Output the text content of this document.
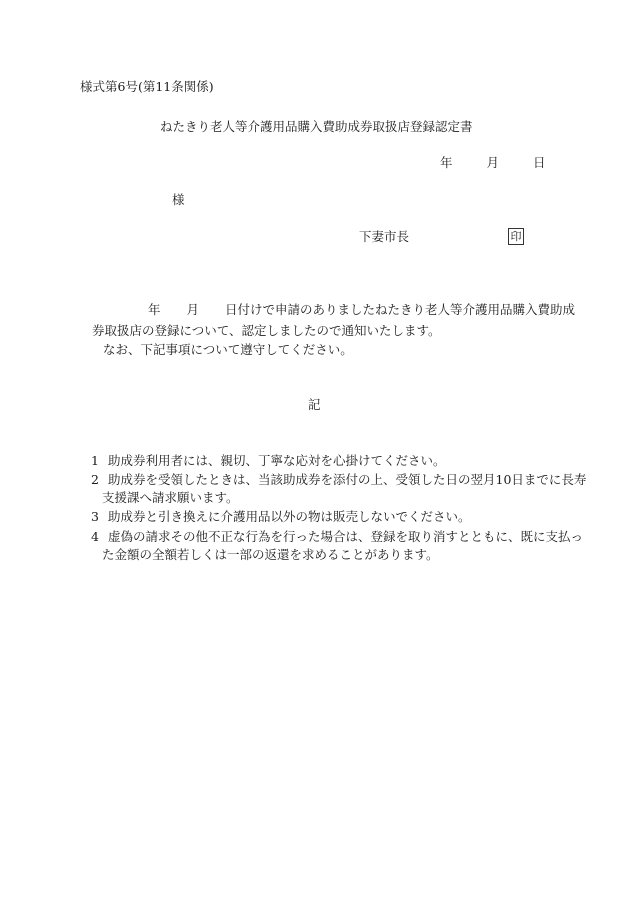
様式第6号(第11条関係)
ねたきり老人等介護用品購入費助成券取扱店登録認定書
年	月	日
様
下妻市長	印
年 月 日付けで申請のありましたねたきり老人等介護用品購入費助成
券取扱店の登録について、認定しましたので通知いたします。
なお、下記事項について遵守してください。
記
1 助成券利用者には、親切、丁寧な応対を心掛けてください。
2 助成券を受領したときは、当該助成券を添付の上、受領した日の翌月10日までに長寿
支援課へ請求願います。
3 助成券と引き換えに介護用品以外の物は販売しないでください。
4 虚偽の請求その他不正な行為を行った場合は、登録を取り消すとともに、既に支払っ
た金額の全額若しくは一部の返還を求めることがあります。
